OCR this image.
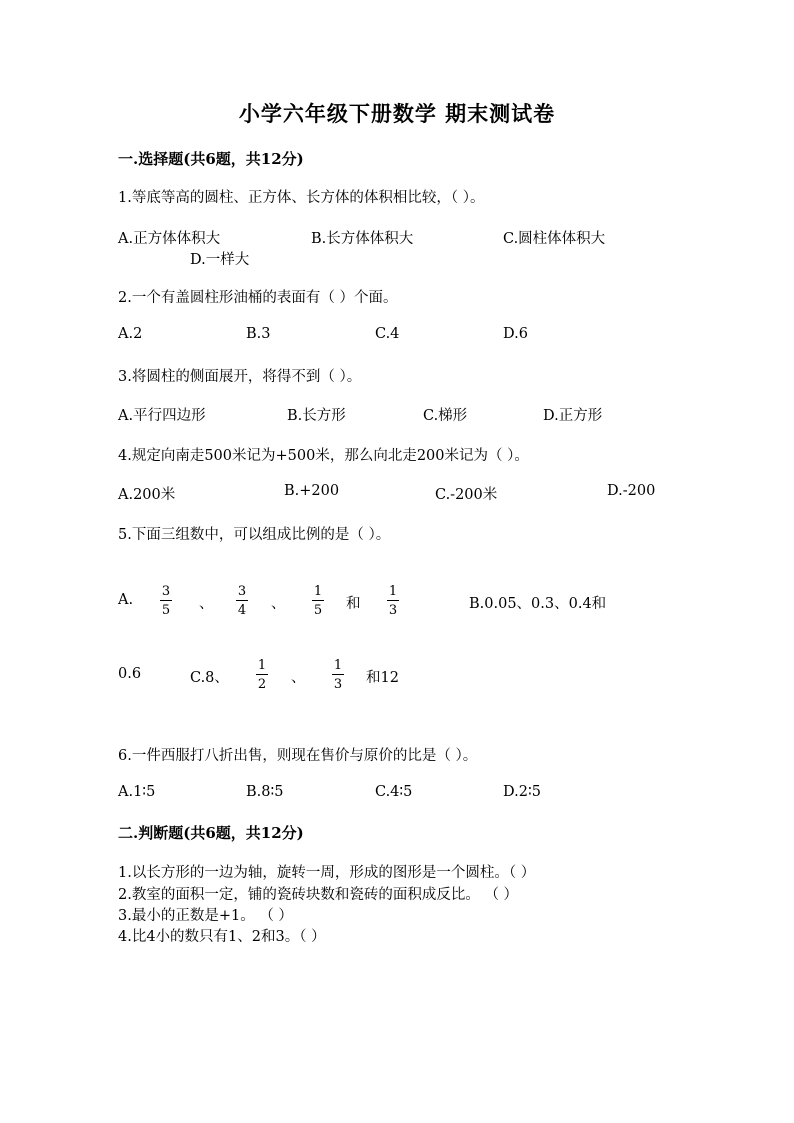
小学六年级下册数学 期末测试卷
一.选择题(共6题，共12分)
1.等底等高的圆柱、正方体、长方体的体积相比较，（ ）。
A.正方体体积大	B.长方体体积大	C.圆柱体体积大
D.一样大
2.一个有盖圆柱形油桶的表面有（ ）个面。
A.2	B.3	C.4	D.6
3.将圆柱的侧面展开，将得不到（ ）。
A.平行四边形	B.长方形	C.梯形	D.正方形
4.规定向南走500米记为+500米，那么向北走200米记为（ ）。
A.200米	B.+200	C.-200米	D.-200
5.下面三组数中，可以组成比例的是（ ）。
A.
3
5 、
3
4 、
1
5 和
1
3	B.0.05、0.3、0.4和
0.6	C.8、
1
2 、
1
3 和12
6.一件西服打八折出售，则现在售价与原价的比是（ ）。
A.1∶5	B.8∶5	C.4∶5	D.2∶5
二.判断题(共6题，共12分)
1.以长方形的一边为轴，旋转一周，形成的图形是一个圆柱。（ ）
2.教室的面积一定，铺的瓷砖块数和瓷砖的面积成反比。 （ ）
3.最小的正数是+1。 （ ）
4.比4小的数只有1、2和3。（ ）
